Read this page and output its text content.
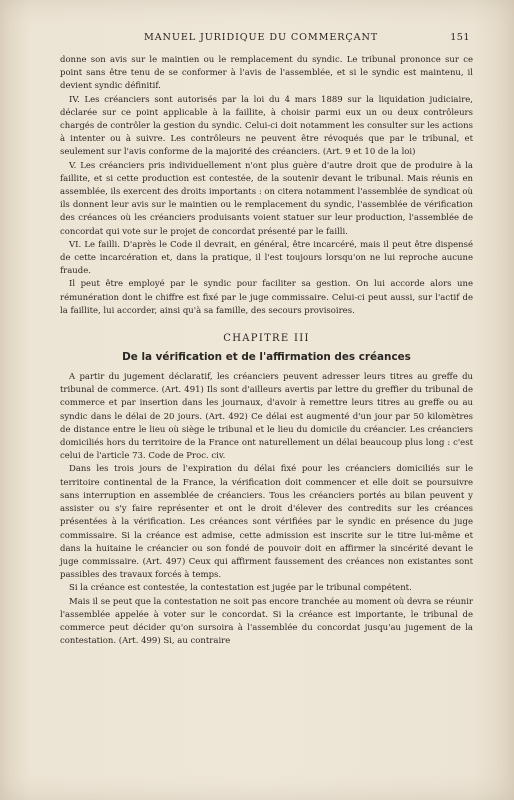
MANUEL JURIDIQUE DU COMMERÇANT	151

donne son avis sur le maintien ou le remplacement du syndic. Le tribunal prononce sur ce point sans être tenu de se conformer à l'avis de l'assemblée, et si le syndic est maintenu, il devient syndic définitif.

IV. Les créanciers sont autorisés par la loi du 4 mars 1889 sur la liquidation judiciaire, déclarée sur ce point applicable à la faillite, à choisir parmi eux un ou deux contrôleurs chargés de contrôler la gestion du syndic. Celui-ci doit notamment les consulter sur les actions à intenter ou à suivre. Les contrôleurs ne peuvent être révoqués que par le tribunal, et seulement sur l'avis conforme de la majorité des créanciers. (Art. 9 et 10 de la loi)

V. Les créanciers pris individuellement n'ont plus guère d'autre droit que de produire à la faillite, et si cette production est contestée, de la soutenir devant le tribunal. Mais réunis en assemblée, ils exercent des droits importants : on citera notamment l'assemblée de syndicat où ils donnent leur avis sur le maintien ou le remplacement du syndic, l'assemblée de vérification des créances où les créanciers produisants voient statuer sur leur production, l'assemblée de concordat qui vote sur le projet de concordat présenté par le failli.

VI. Le failli. D'après le Code il devrait, en général, être incarcéré, mais il peut être dispensé de cette incarcération et, dans la pratique, il l'est toujours lorsqu'on ne lui reproche aucune fraude.

Il peut être employé par le syndic pour faciliter sa gestion. On lui accorde alors une rémunération dont le chiffre est fixé par le juge commissaire. Celui-ci peut aussi, sur l'actif de la faillite, lui accorder, ainsi qu'à sa famille, des secours provisoires.

CHAPITRE III
De la vérification et de l'affirmation des créances

A partir du jugement déclaratif, les créanciers peuvent adresser leurs titres au greffe du tribunal de commerce. (Art. 491) Ils sont d'ailleurs avertis par lettre du greffier du tribunal de commerce et par insertion dans les journaux, d'avoir à remettre leurs titres au greffe ou au syndic dans le délai de 20 jours. (Art. 492) Ce délai est augmenté d'un jour par 50 kilomètres de distance entre le lieu où siège le tribunal et le lieu du domicile du créancier. Les créanciers domiciliés hors du territoire de la France ont naturellement un délai beaucoup plus long : c'est celui de l'article 73. Code de Proc. civ.

Dans les trois jours de l'expiration du délai fixé pour les créanciers domiciliés sur le territoire continental de la France, la vérification doit commencer et elle doit se poursuivre sans interruption en assemblée de créanciers. Tous les créanciers portés au bilan peuvent y assister ou s'y faire représenter et ont le droit d'élever des contredits sur les créances présentées à la vérification. Les créances sont vérifiées par le syndic en présence du juge commissaire. Si la créance est admise, cette admission est inscrite sur le titre lui-même et dans la huitaine le créancier ou son fondé de pouvoir doit en affirmer la sincérité devant le juge commissaire. (Art. 497) Ceux qui affirment faussement des créances non existantes sont passibles des travaux forcés à temps.

Si la créance est contestée, la contestation est jugée par le tribunal compétent.

Mais il se peut que la contestation ne soit pas encore tranchée au moment où devra se réunir l'assemblée appelée à voter sur le concordat. Si la créance est importante, le tribunal de commerce peut décider qu'on sursoira à l'assemblée du concordat jusqu'au jugement de la contestation. (Art. 499) Si, au contraire
